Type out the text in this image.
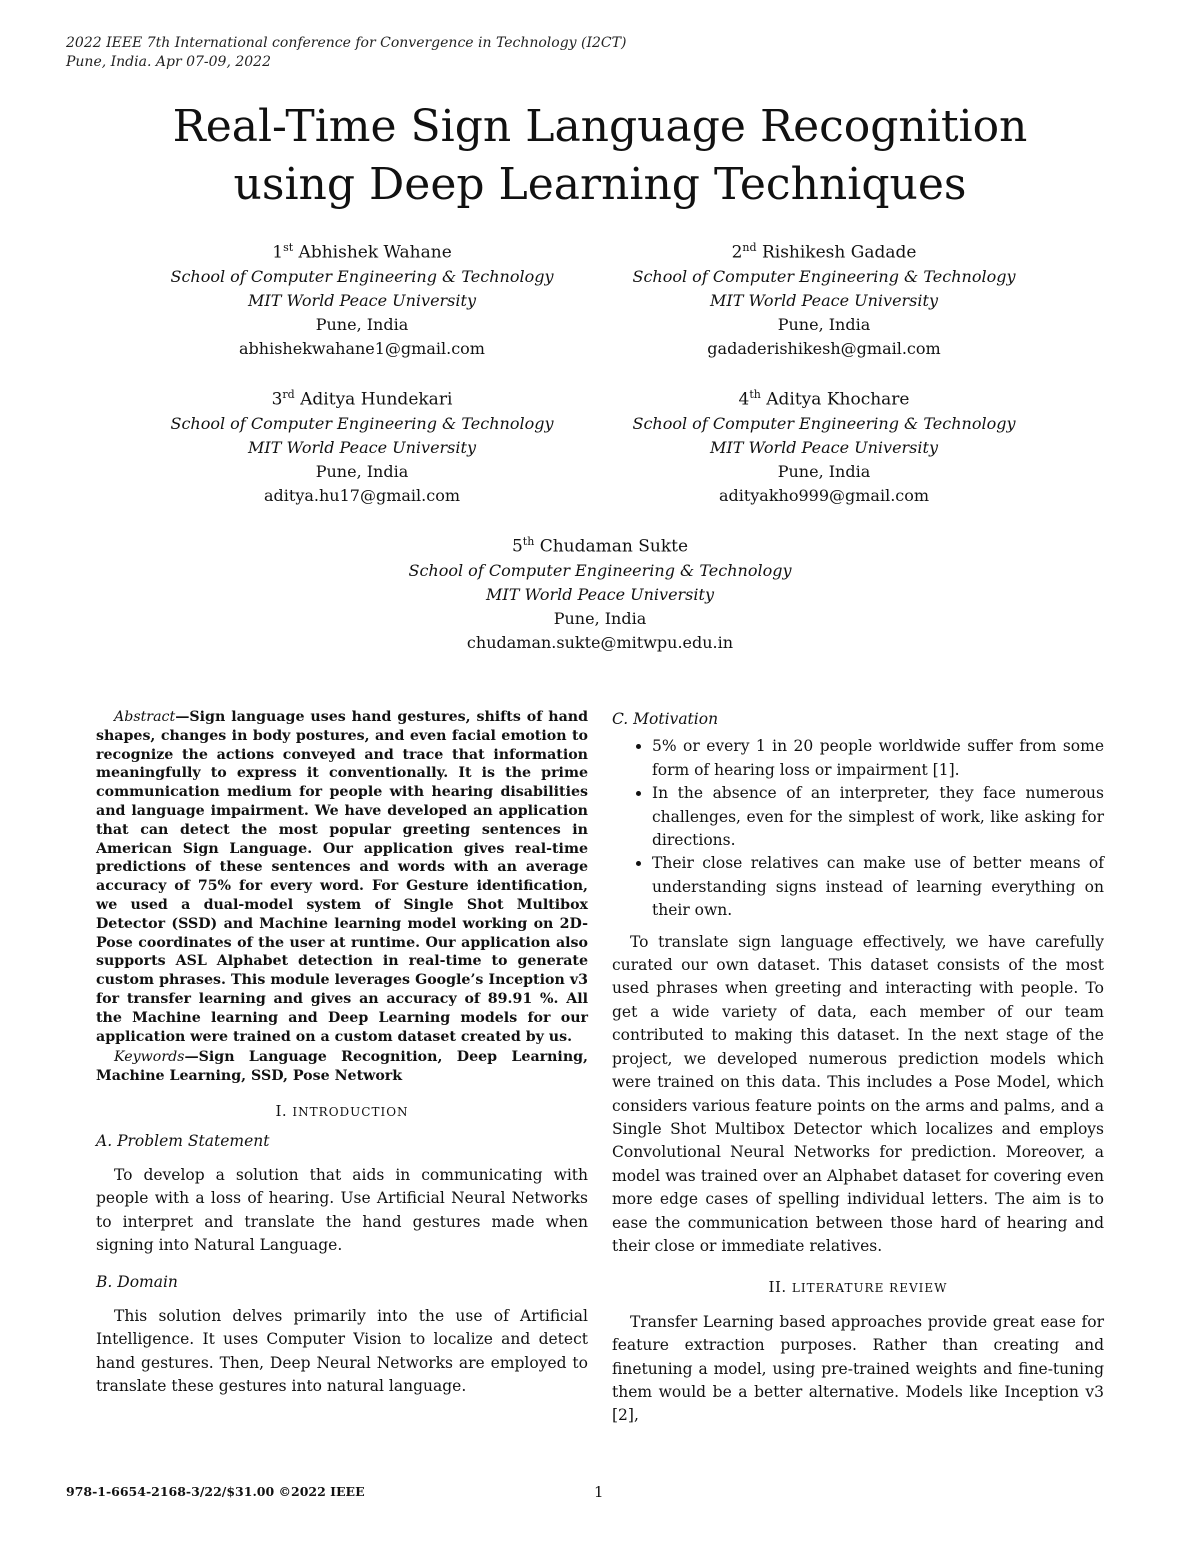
2022 IEEE 7th International conference for Convergence in Technology (I2CT)
Pune, India. Apr 07-09, 2022
Real-Time Sign Language Recognition
using Deep Learning Techniques
1st Abhishek Wahane
School of Computer Engineering & Technology
MIT World Peace University
Pune, India
abhishekwahane1@gmail.com
2nd Rishikesh Gadade
School of Computer Engineering & Technology
MIT World Peace University
Pune, India
gadaderishikesh@gmail.com
3rd Aditya Hundekari
School of Computer Engineering & Technology
MIT World Peace University
Pune, India
aditya.hu17@gmail.com
4th Aditya Khochare
School of Computer Engineering & Technology
MIT World Peace University
Pune, India
adityakho999@gmail.com
5th Chudaman Sukte
School of Computer Engineering & Technology
MIT World Peace University
Pune, India
chudaman.sukte@mitwpu.edu.in

Abstract—Sign language uses hand gestures, shifts of hand shapes, changes in body postures, and even facial emotion to recognize the actions conveyed and trace that information meaningfully to express it conventionally. It is the prime communication medium for people with hearing disabilities and language impairment. We have developed an application that can detect the most popular greeting sentences in American Sign Language. Our application gives real-time predictions of these sentences and words with an average accuracy of 75% for every word. For Gesture identification, we used a dual-model system of Single Shot Multibox Detector (SSD) and Machine learning model working on 2D-Pose coordinates of the user at runtime. Our application also supports ASL Alphabet detection in real-time to generate custom phrases. This module leverages Google’s Inception v3 for transfer learning and gives an accuracy of 89.91 %. All the Machine learning and Deep Learning models for our application were trained on a custom dataset created by us.

Keywords—Sign Language Recognition, Deep Learning, Machine Learning, SSD, Pose Network

I. INTRODUCTION
A. Problem Statement

To develop a solution that aids in communicating with people with a loss of hearing. Use Artificial Neural Networks to interpret and translate the hand gestures made when signing into Natural Language.

B. Domain

This solution delves primarily into the use of Artificial Intelligence. It uses Computer Vision to localize and detect hand gestures. Then, Deep Neural Networks are employed to translate these gestures into natural language.

C. Motivation
• 5% or every 1 in 20 people worldwide suffer from some form of hearing loss or impairment [1].
• In the absence of an interpreter, they face numerous challenges, even for the simplest of work, like asking for directions.
• Their close relatives can make use of better means of understanding signs instead of learning everything on their own.

To translate sign language effectively, we have carefully curated our own dataset. This dataset consists of the most used phrases when greeting and interacting with people. To get a wide variety of data, each member of our team contributed to making this dataset. In the next stage of the project, we developed numerous prediction models which were trained on this data. This includes a Pose Model, which considers various feature points on the arms and palms, and a Single Shot Multibox Detector which localizes and employs Convolutional Neural Networks for prediction. Moreover, a model was trained over an Alphabet dataset for covering even more edge cases of spelling individual letters. The aim is to ease the communication between those hard of hearing and their close or immediate relatives.

II. LITERATURE REVIEW

Transfer Learning based approaches provide great ease for feature extraction purposes. Rather than creating and finetuning a model, using pre-trained weights and fine-tuning them would be a better alternative. Models like Inception v3 [2],

978-1-6654-2168-3/22/$31.00 ©2022 IEEE	1
